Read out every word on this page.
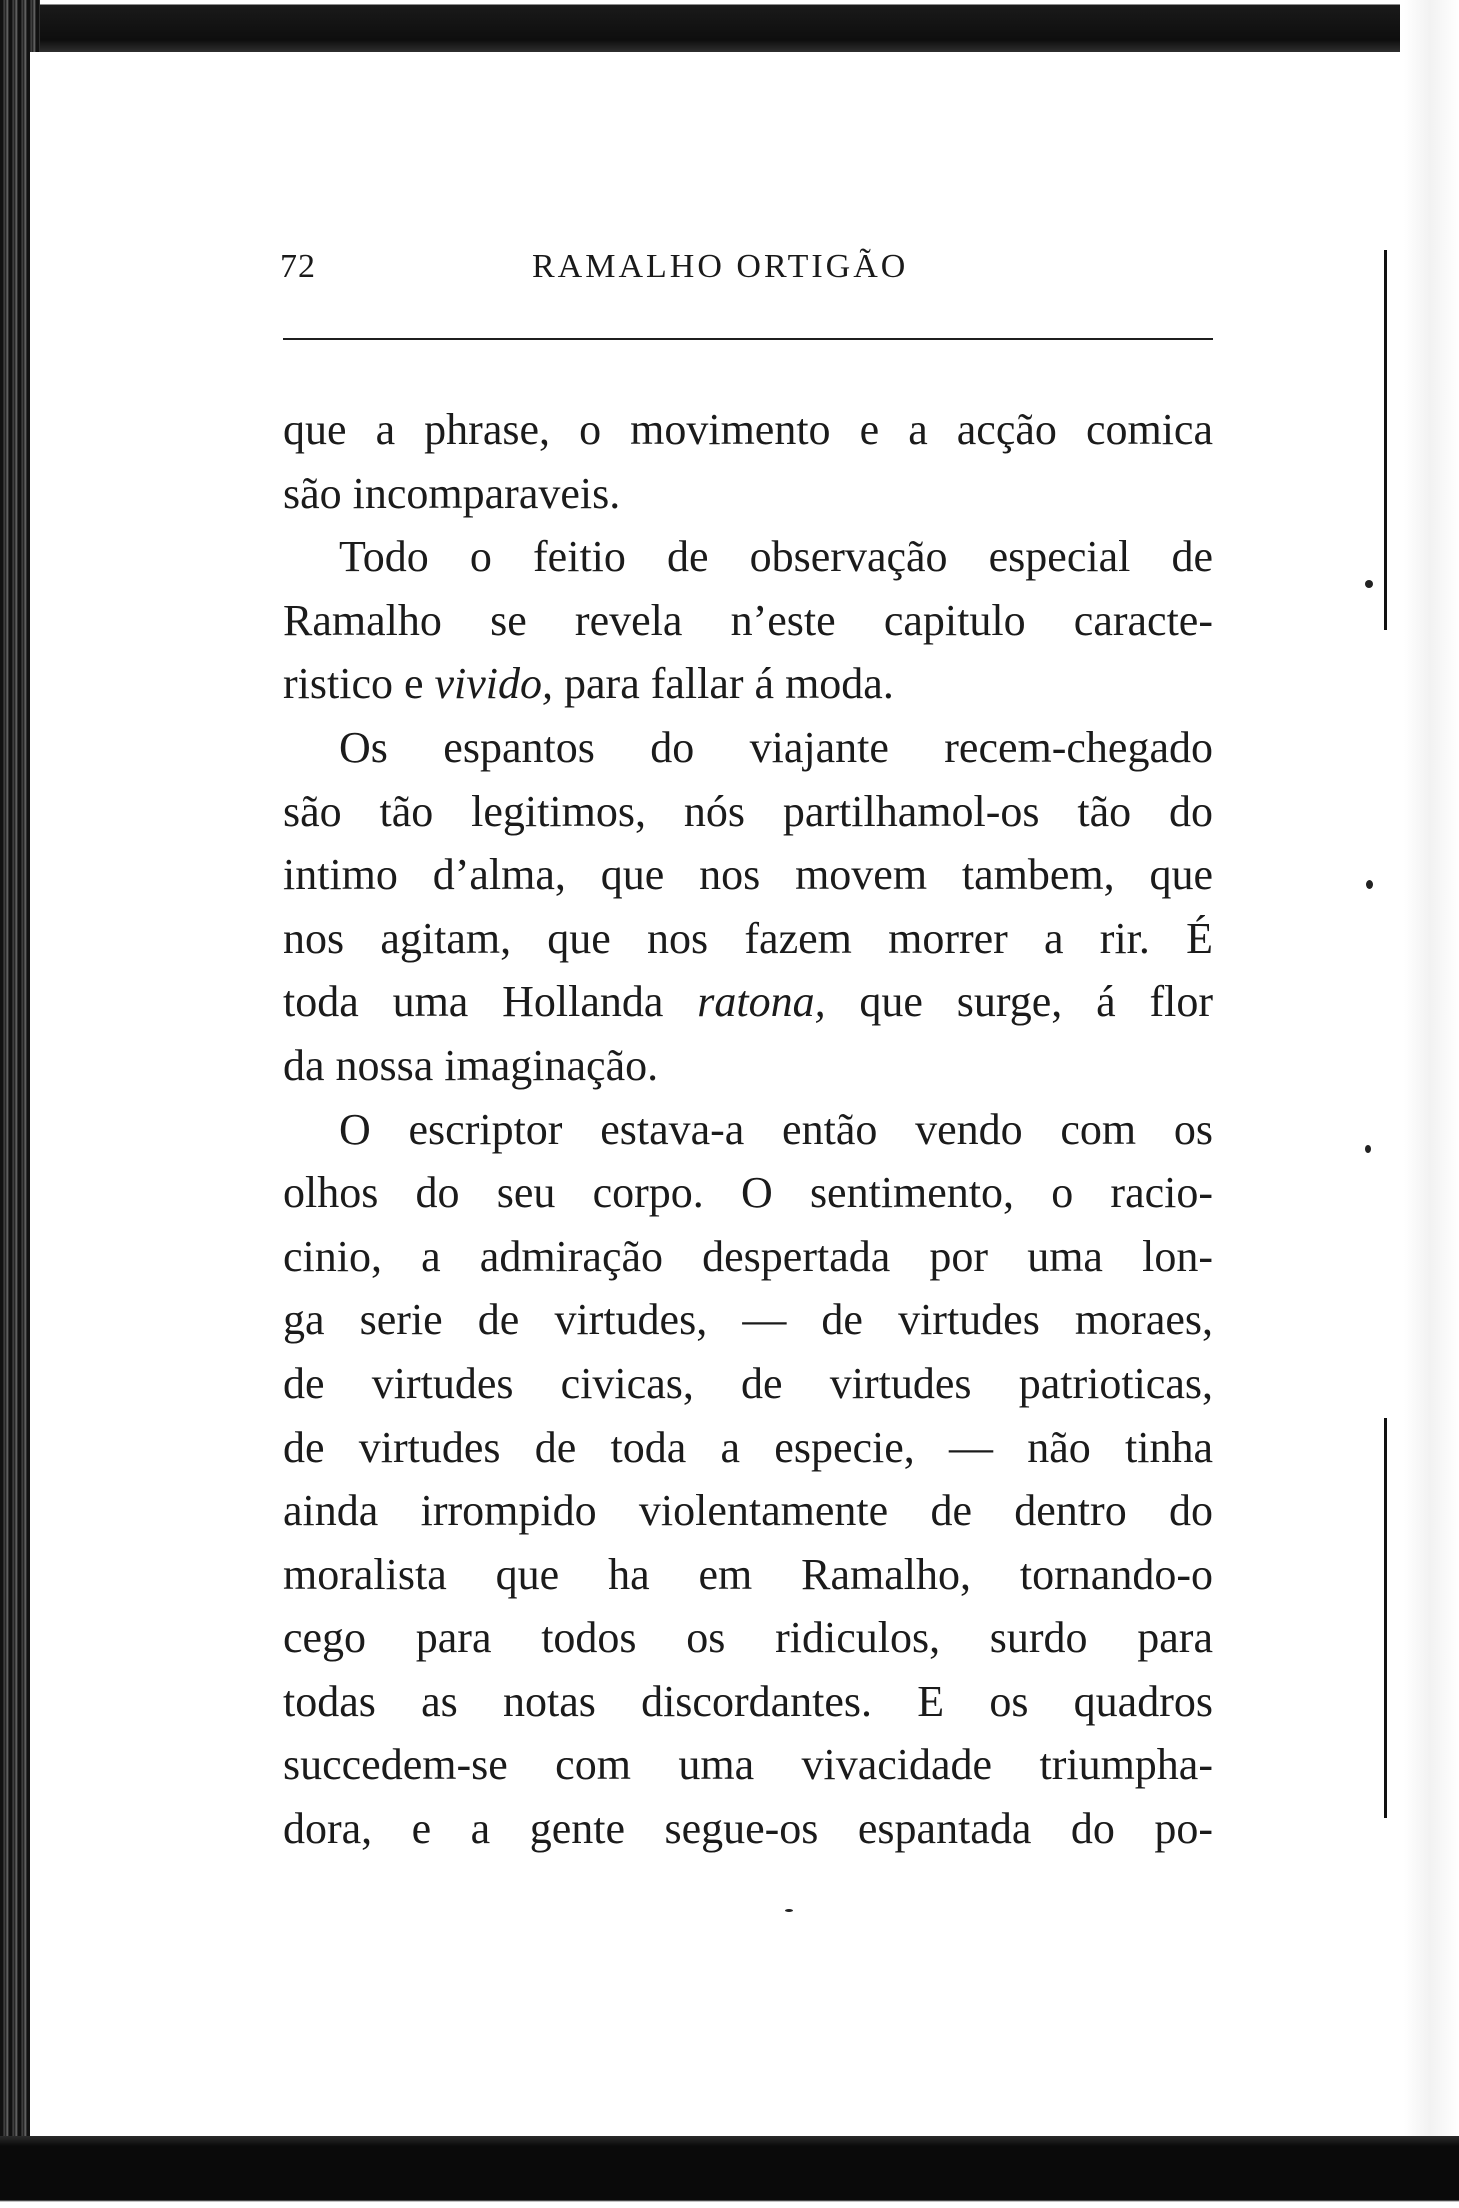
72	RAMALHO ORTIGÃO
que a phrase, o movimento e a acção comica
são incomparaveis.
Todo o feitio de observação especial de
Ramalho se revela n’este capitulo caracte-
ristico e vivido, para fallar á moda.
Os espantos do viajante recem-chegado
são tão legitimos, nós partilhamol-os tão do
intimo d’alma, que nos movem tambem, que
nos agitam, que nos fazem morrer a rir. É
toda uma Hollanda ratona, que surge, á flor
da nossa imaginação.
O escriptor estava-a então vendo com os
olhos do seu corpo. O sentimento, o racio-
cinio, a admiração despertada por uma lon-
ga serie de virtudes, — de virtudes moraes,
de virtudes civicas, de virtudes patrioticas,
de virtudes de toda a especie, — não tinha
ainda irrompido violentamente de dentro do
moralista que ha em Ramalho, tornando-o
cego para todos os ridiculos, surdo para
todas as notas discordantes. E os quadros
succedem-se com uma vivacidade triumpha-
dora, e a gente segue-os espantada do po-
